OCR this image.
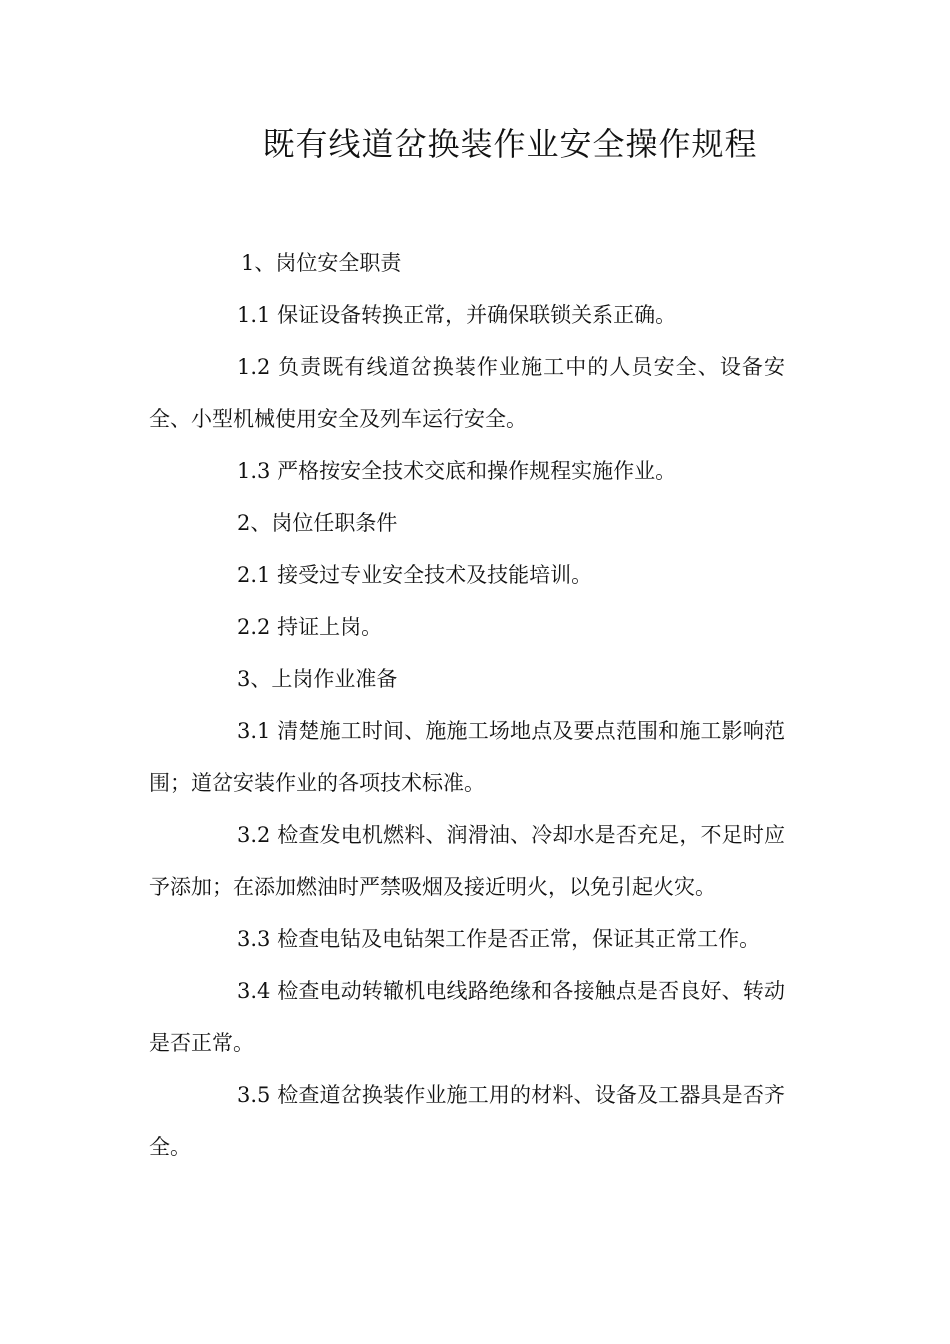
既有线道岔换装作业安全操作规程

1、岗位安全职责

1.1 保证设备转换正常，并确保联锁关系正确。

1.2 负责既有线道岔换装作业施工中的人员安全、设备安全、小型机械使用安全及列车运行安全。

1.3 严格按安全技术交底和操作规程实施作业。

2、岗位任职条件

2.1 接受过专业安全技术及技能培训。

2.2 持证上岗。

3、上岗作业准备

3.1 清楚施工时间、施施工场地点及要点范围和施工影响范围；道岔安装作业的各项技术标准。

3.2 检查发电机燃料、润滑油、冷却水是否充足，不足时应予添加；在添加燃油时严禁吸烟及接近明火，以免引起火灾。

3.3 检查电钻及电钻架工作是否正常，保证其正常工作。

3.4 检查电动转辙机电线路绝缘和各接触点是否良好、转动是否正常。

3.5 检查道岔换装作业施工用的材料、设备及工器具是否齐全。
